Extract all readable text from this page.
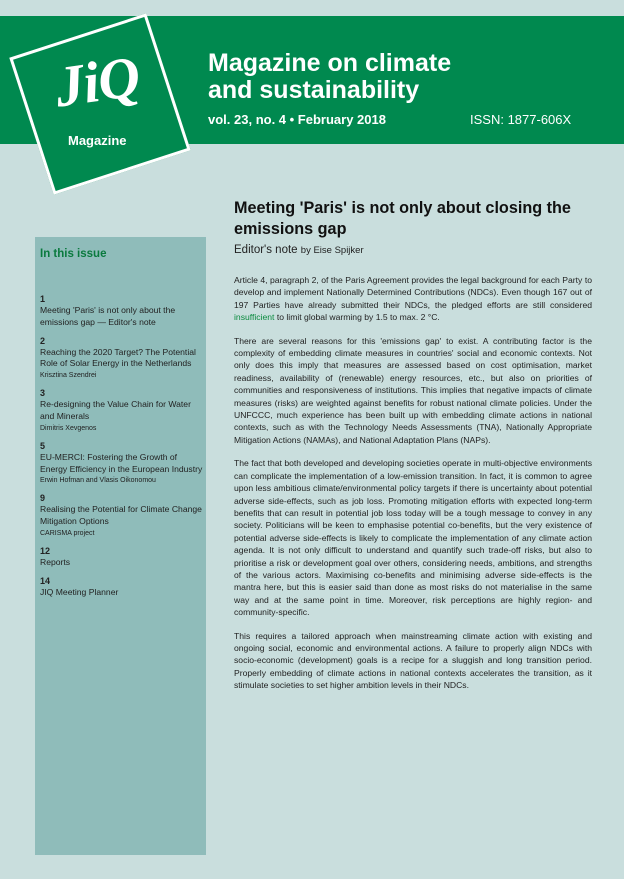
JiQ
Magazine
Magazine on climate
and sustainability
vol. 23, no. 4 • February 2018	ISSN: 1877-606X
In this issue
1
Meeting 'Paris' is not only about the emissions gap — Editor's note
2
Reaching the 2020 Target? The Potential Role of Solar Energy in the Netherlands
Krisztina Szendrei
3
Re-designing the Value Chain for Water and Minerals
Dimitris Xevgenos
5
EU-MERCI: Fostering the Growth of Energy Efficiency in the European Industry
Erwin Hofman and Vlasis Oikonomou
9
Realising the Potential for Climate Change Mitigation Options
CARISMA project
12
Reports
14
JIQ Meeting Planner
Meeting 'Paris' is not only about closing the emissions gap
Editor's note by Eise Spijker

Article 4, paragraph 2, of the Paris Agreement provides the legal background for each Party to develop and implement Nationally Determined Contributions (NDCs). Even though 167 out of 197 Parties have already submitted their NDCs, the pledged efforts are still considered insufficient to limit global warming by 1.5 to max. 2 °C.

There are several reasons for this 'emissions gap' to exist. A contributing factor is the complexity of embedding climate measures in countries' social and economic contexts. Not only does this imply that measures are assessed based on cost optimisation, market readiness, availability of (renewable) energy resources, etc., but also on priorities of communities and responsiveness of institutions. This implies that negative impacts of climate measures (risks) are weighted against benefits for robust national climate policies. Under the UNFCCC, much experience has been built up with embedding climate actions in national contexts, such as with the Technology Needs Assessments (TNA), Nationally Appropriate Mitigation Actions (NAMAs), and National Adaptation Plans (NAPs).

The fact that both developed and developing societies operate in multi-objective environments can complicate the implementation of a low-emission transition. In fact, it is common to agree upon less ambitious climate/environmental policy targets if there is uncertainty about potential adverse side-effects, such as job loss. Promoting mitigation efforts with expected long-term benefits that can result in potential job loss today will be a tough message to convey in any society. Politicians will be keen to emphasise potential co-benefits, but the very existence of potential adverse side-effects is likely to complicate the implementation of any climate action agenda. It is not only difficult to understand and quantify such trade-off risks, but also to prioritise a risk or development goal over others, considering needs, ambitions, and strengths of the various actors. Maximising co-benefits and minimising adverse side-effects is the mantra here, but this is easier said than done as most risks do not materialise in the same way and at the same point in time. Moreover, risk perceptions are highly region- and community-specific.

This requires a tailored approach when mainstreaming climate action with existing and ongoing social, economic and environmental actions. A failure to properly align NDCs with socio-economic (development) goals is a recipe for a sluggish and long transition period. Properly embedding of climate actions in national contexts accelerates the transition, as it stimulate societies to set higher ambition levels in their NDCs.
